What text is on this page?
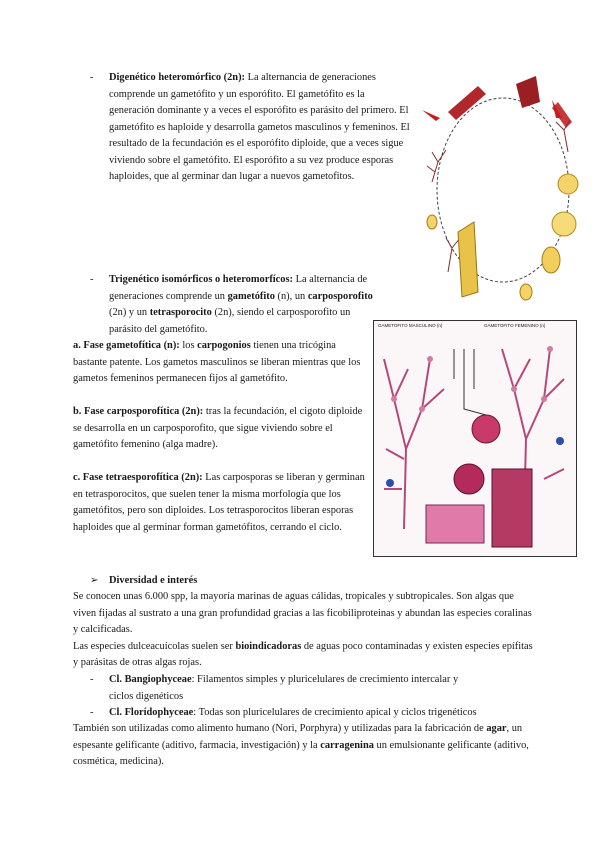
- Digenético heteromórfico (2n): La alternancia de generaciones comprende un gametófito y un esporófito. El gametófito es la generación dominante y a veces el esporófito es parásito del primero. El gametófito es haploide y desarrolla gametos masculinos y femeninos. El resultado de la fecundación es el esporófito diploide, que a veces sigue viviendo sobre el gametófito. El esporófito a su vez produce esporas haploides, que al germinar dan lugar a nuevos gametofitos.

- Trigenético isomórficos o heteromorfícos: La alternancia de generaciones comprende un gametófito (n), un carposporofito (2n) y un tetrasporocito (2n), siendo el carposporofito un parásito del gametófito.

a. Fase gametofítica (n): los carpogonios tienen una tricógina bastante patente. Los gametos masculinos se liberan mientras que los gametos femeninos permanecen fijos al gametófito.

b. Fase carposporofítica (2n): tras la fecundación, el cigoto diploide se desarrolla en un carposporofito, que sigue viviendo sobre el gametófito femenino (alga madre).

c. Fase tetraesporofítica (2n): Las carposporas se liberan y germinan en tetrasporocitos, que suelen tener la misma morfología que los gametófitos, pero son diploides. Los tetrasporocitos liberan esporas haploides que al germinar forman gametófitos, cerrando el ciclo.

GAMETOFITO MASCULINO (n)	GAMETOFITO FEMENINO (n)
➢ Diversidad e interés

Se conocen unas 6.000 spp, la mayoría marinas de aguas cálidas, tropicales y subtropicales. Son algas que viven fijadas al sustrato a una gran profundidad gracias a las ficobiliproteinas y abundan las especies coralinas y calcificadas.

Las especies dulceacuícolas suelen ser bioindicadoras de aguas poco contaminadas y existen especies epífitas y parásitas de otras algas rojas.

- Cl. Bangiophyceae: Filamentos simples y pluricelulares de crecimiento intercalar y ciclos digenéticos

- Cl. Florídophyceae: Todas son pluricelulares de crecimiento apical y ciclos trigenéticos

También son utilizadas como alimento humano (Nori, Porphyra) y utilizadas para la fabricación de agar, un espesante gelificante (aditivo, farmacia, investigación) y la carragenina un emulsionante gelificante (aditivo, cosmética, medicina).
